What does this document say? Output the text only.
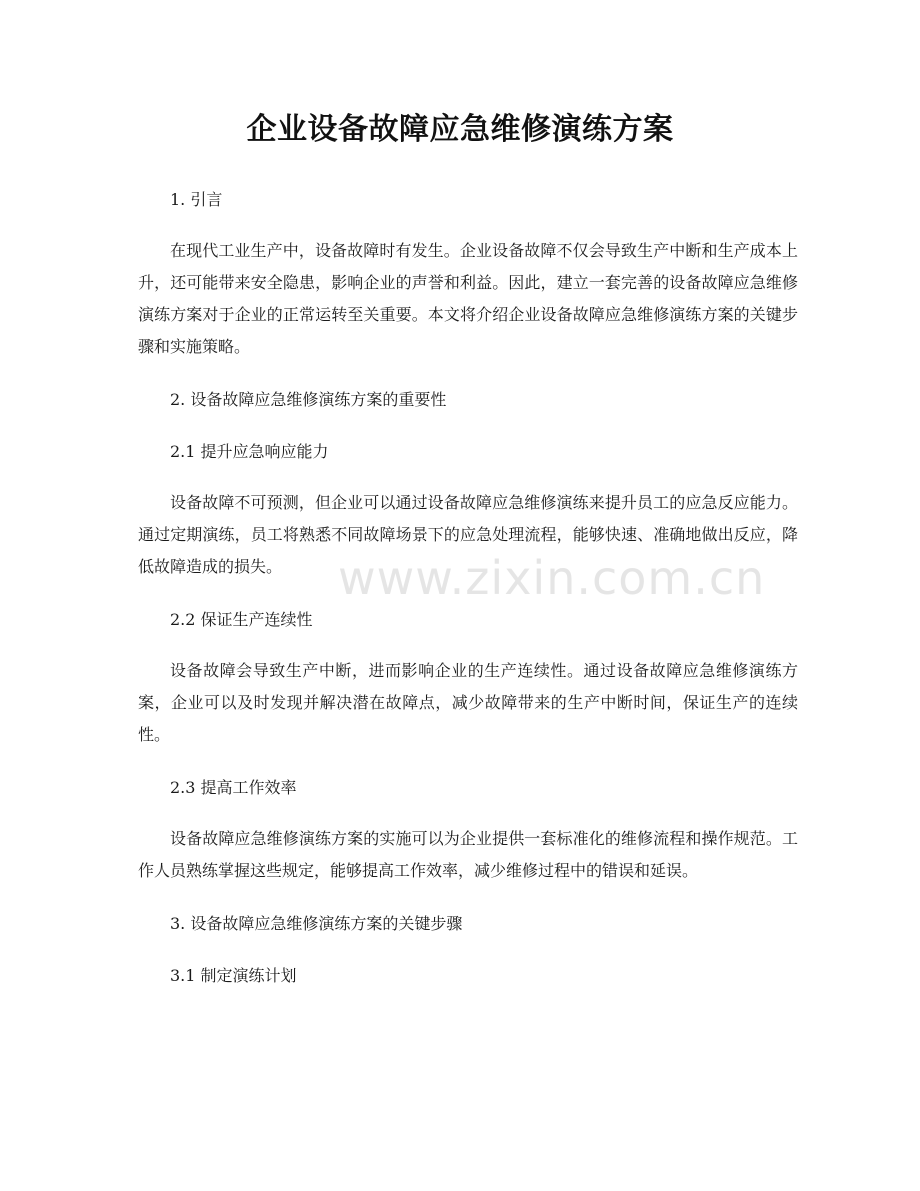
企业设备故障应急维修演练方案

1. 引言

在现代工业生产中，设备故障时有发生。企业设备故障不仅会导致生产中断和生产成本上升，还可能带来安全隐患，影响企业的声誉和利益。因此，建立一套完善的设备故障应急维修演练方案对于企业的正常运转至关重要。本文将介绍企业设备故障应急维修演练方案的关键步骤和实施策略。

2. 设备故障应急维修演练方案的重要性

2.1 提升应急响应能力

设备故障不可预测，但企业可以通过设备故障应急维修演练来提升员工的应急反应能力。通过定期演练，员工将熟悉不同故障场景下的应急处理流程，能够快速、准确地做出反应，降低故障造成的损失。

2.2 保证生产连续性

设备故障会导致生产中断，进而影响企业的生产连续性。通过设备故障应急维修演练方案，企业可以及时发现并解决潜在故障点，减少故障带来的生产中断时间，保证生产的连续性。

2.3 提高工作效率

设备故障应急维修演练方案的实施可以为企业提供一套标准化的维修流程和操作规范。工作人员熟练掌握这些规定，能够提高工作效率，减少维修过程中的错误和延误。

3. 设备故障应急维修演练方案的关键步骤

3.1 制定演练计划

www.zixin.com.cn
